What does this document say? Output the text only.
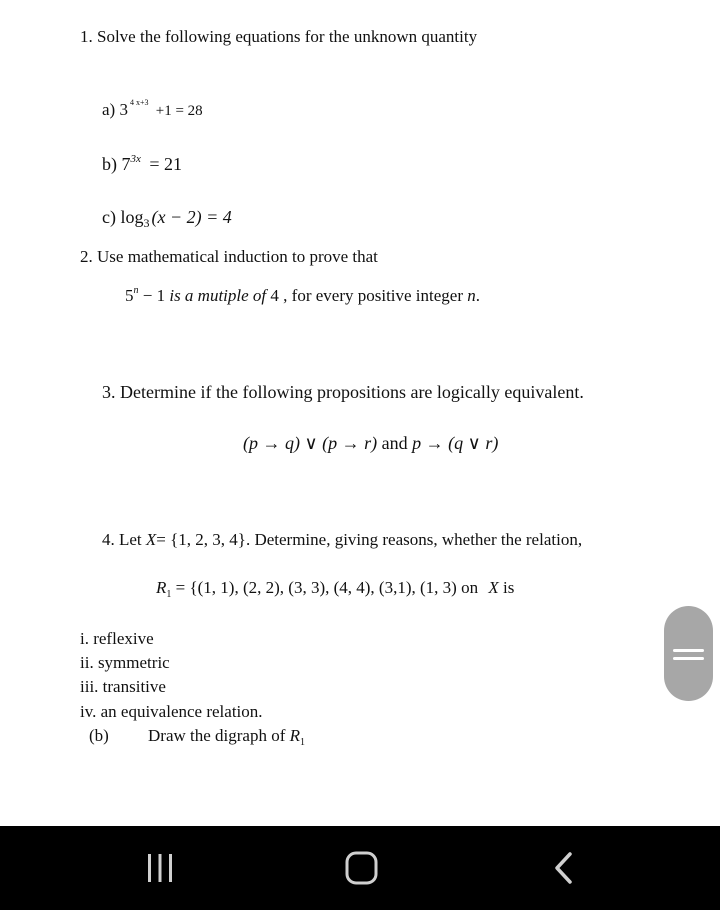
1. Solve the following equations for the unknown quantity
a) 3 $^{4 x+3}$ +1 = 28
b) $7^{3x} = 21$
c) $\log_3 (x - 2) = 4$
2. Use mathematical induction to prove that
$5^n - 1$ is a mutiple of 4 , for every positive integer n.
3. Determine if the following propositions are logically equivalent.
(p → q) ∨ (p → r) and p → (q ∨ r)
4. Let X= {1, 2, 3, 4}. Determine, giving reasons, whether the relation,
$R_1 = \{(1$, 1), (2, 2), (3, 3), (4, 4), (3,1), (1, 3) on X is
i. reflexive
ii. symmetric
iii. transitive
iv. an equivalence relation.
(b) Draw the digraph of $R_1$
